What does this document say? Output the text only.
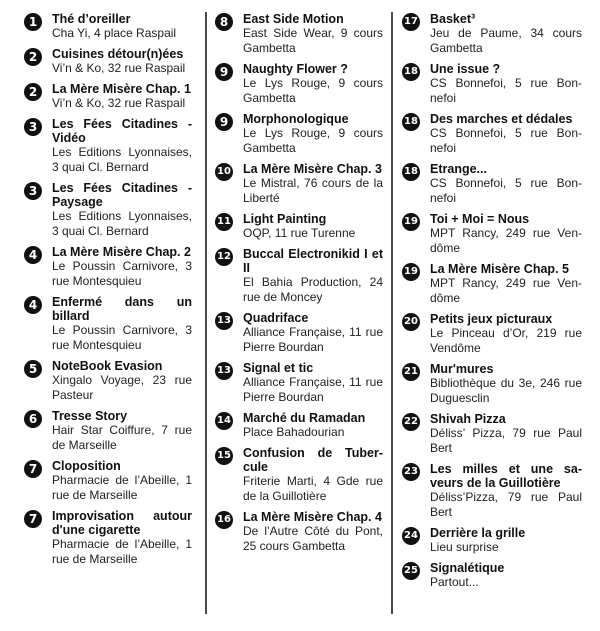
1	Thé d’oreiller
Cha Yi, 4 place Raspail
2	Cuisines détour(n)ées
Vi’n & Ko, 32 rue Raspail
2	La Mère Misère Chap. 1
Vi’n & Ko, 32 rue Raspail
3	Les Fées Citadines - Vidéo
Les Editions Lyonnaises, 3 quai Cl. Bernard
3	Les Fées Citadines - Paysage
Les Editions Lyonnaises, 3 quai Cl. Bernard
4	La Mère Misère Chap. 2
Le Poussin Carnivore, 3 rue Montesquieu
4	Enfermé dans un billard
Le Poussin Carnivore, 3 rue Montesquieu
5	NoteBook Evasion
Xingalo Voyage, 23 rue Pasteur
6	Tresse Story
Hair Star Coiffure, 7 rue de Marseille
7	Cloposition
Pharmacie de l’Abeille, 1 rue de Marseille
7	Improvisation autour d'une cigarette
Pharmacie de l’Abeille, 1 rue de Marseille
8	East Side Motion
East Side Wear, 9 cours Gambetta
9	Naughty Flower ?
Le Lys Rouge, 9 cours Gambetta
9	Morphonologique
Le Lys Rouge, 9 cours Gambetta
10 La Mère Misère Chap. 3
Le Mistral, 76 cours de la Liberté
11 Light Painting
OQP, 11 rue Turenne
12 Buccal Electronikid I et II
El Bahia Production, 24 rue de Moncey
13 Quadriface
Alliance Française, 11 rue Pierre Bourdan
13 Signal et tic
Alliance Française, 11 rue Pierre Bourdan
14 Marché du Ramadan
Place Bahadourian
15 Confusion de Tuber-cule
Friterie Marti, 4 Gde rue de la Guillotière
16 La Mère Misère Chap. 4
De l’Autre Côté du Pont, 25 cours Gambetta
17 Basket³
Jeu de Paume, 34 cours Gambetta
18 Une issue ?
CS Bonnefoi, 5 rue Bon-nefoi
18 Des marches et dédales
CS Bonnefoi, 5 rue Bon-nefoi
18 Etrange...
CS Bonnefoi, 5 rue Bon-nefoi
19 Toi + Moi = Nous
MPT Rancy, 249 rue Ven-dôme
19 La Mère Misère Chap. 5
MPT Rancy, 249 rue Ven-dôme
20 Petits jeux picturaux
Le Pinceau d’Or, 219 rue Vendôme
21 Mur'mures
Bibliothèque du 3e, 246 rue Duguesclin
22 Shivah Pizza
Déliss’ Pizza, 79 rue Paul Bert
23 Les milles et une sa-veurs de la Guillotière
Déliss’Pizza, 79 rue Paul Bert
24 Derrière la grille
Lieu surprise
25 Signalétique
Partout...
